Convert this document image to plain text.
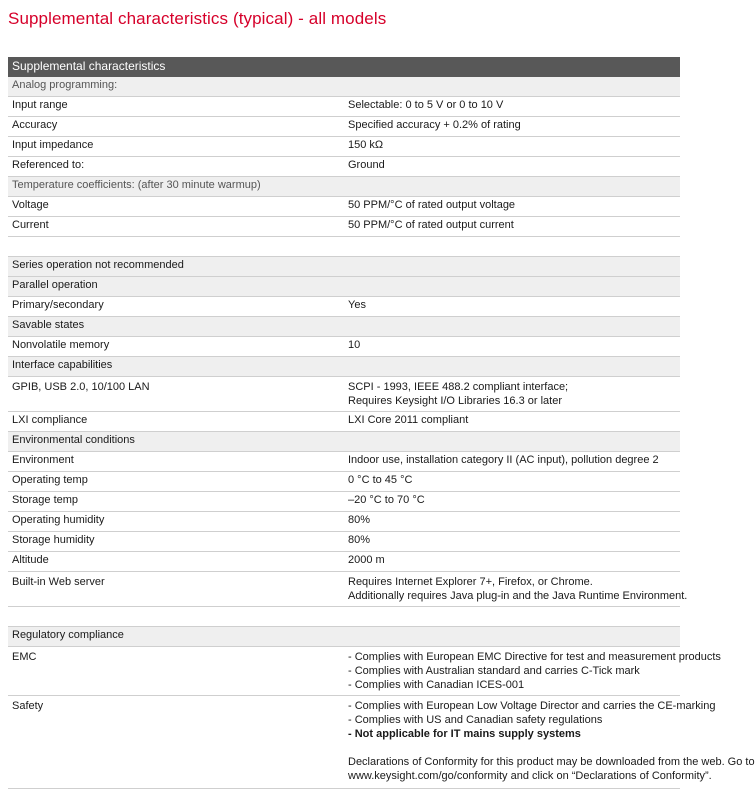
Supplemental characteristics (typical) - all models
Supplemental characteristics	
Analog programming:	
Input range	Selectable: 0 to 5 V or 0 to 10 V
Accuracy	Specified accuracy + 0.2% of rating
Input impedance	150 kΩ
Referenced to:	Ground
Temperature coefficients: (after 30 minute warmup)	
Voltage	50 PPM/°C of rated output voltage
Current	50 PPM/°C of rated output current

Series operation not recommended	
Parallel operation	
Primary/secondary	Yes
Savable states	
Nonvolatile memory	10
Interface capabilities	
GPIB, USB 2.0, 10/100 LAN	SCPI - 1993, IEEE 488.2 compliant interface;
Requires Keysight I/O Libraries 16.3 or later

LXI compliance	LXI Core 2011 compliant
Environmental conditions	
Environment	Indoor use, installation category II (AC input), pollution degree 2
Operating temp	0 °C to 45 °C
Storage temp	–20 °C to 70 °C
Operating humidity	80%
Storage humidity	80%
Altitude	2000 m
Built-in Web server	Requires Internet Explorer 7+, Firefox, or Chrome.
Additionally requires Java plug-in and the Java Runtime Environment.

Regulatory compliance	
EMC	- Complies with European EMC Directive for test and measurement products
- Complies with Australian standard and carries C-Tick mark
- Complies with Canadian ICES-001

Safety	- Complies with European Low Voltage Director and carries the CE-marking
- Complies with US and Canadian safety regulations
- Not applicable for IT mains supply systems
Declarations of Conformity for this product may be downloaded from the web. Go to
www.keysight.com/go/conformity and click on “Declarations of Conformity”.
